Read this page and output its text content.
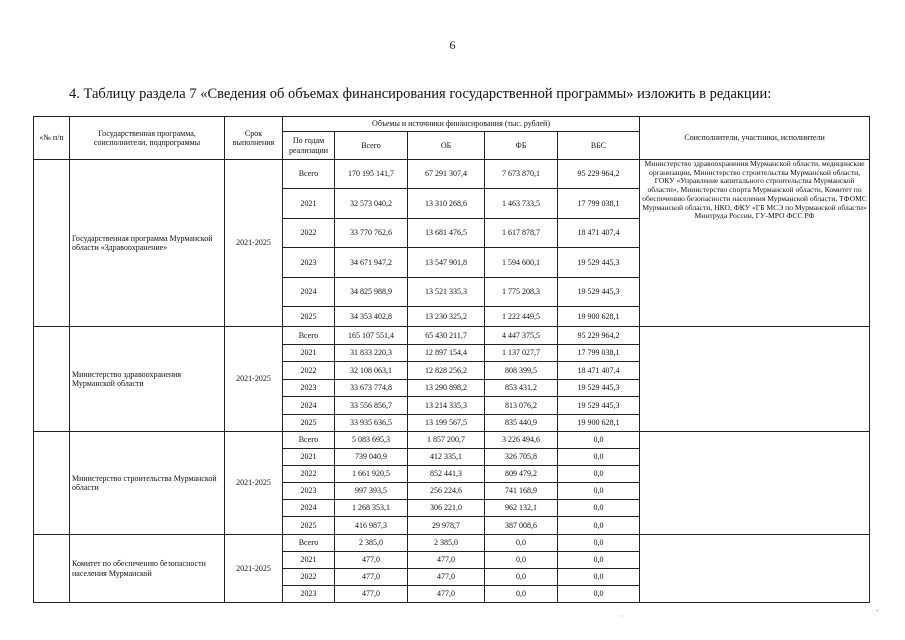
6
4. Таблицу раздела 7 «Сведения об объемах финансирования государственной программы» изложить в редакции:
«№ п/п	Государственная программа, соисполнители, подпрограммы	Срок выполнения	Объемы и источники финансирования (тыс. рублей)					Соисполнители, участники, исполнители
			По годам реализации	Всего	ОБ	ФБ	ВБС	
	Государственная программа Мурманской области «Здравоохранение»	2021-2025	Всего	170 195 141,7	67 291 307,4	7 673 870,1	95 229 964,2	Министерство здравоохранения Мурманской области, медицинские организации, Министерство строительства Мурманской области, ГОКУ «Управление капитального строительства Мурманской области», Министерство спорта Мурманской области, Комитет по обеспечению безопасности населения Мурманской области, ТФОМС Мурманской области, НКО, ФКУ «ГБ МСЭ по Мурманской области» Минтруда России, ГУ-МРО ФСС РФ
			2021	32 573 040,2	13 310 268,6	1 463 733,5	17 799 038,1	
			2022	33 770 762,6	13 681 476,5	1 617 878,7	18 471 407,4	
			2023	34 671 947,2	13 547 901,8	1 594 600,1	19 529 445,3	
			2024	34 825 988,9	13 521 335,3	1 775 208,3	19 529 445,3	
			2025	34 353 402,8	13 230 325,2	1 222 449,5	19 900 628,1	
	Министерство здравоохранения Мурманской области	2021-2025	Всего	165 107 551,4	65 430 211,7	4 447 375,5	95 229 964,2	
			2021	31 833 220,3	12 897 154,4	1 137 027,7	17 799 038,1	
			2022	32 108 063,1	12 828 256,2	808 399,5	18 471 407,4	
			2023	33 673 774,8	13 290 898,2	853 431,2	19 529 445,3	
			2024	33 556 856,7	13 214 335,3	813 076,2	19 529 445,3	
			2025	33 935 636,5	13 199 567,5	835 440,9	19 900 628,1	
	Министерство строительства Мурманской области	2021-2025	Всего	5 083 695,3	1 857 200,7	3 226 494,6	0,0	
			2021	739 040,9	412 335,1	326 705,8	0,0	
			2022	1 661 920,5	852 441,3	809 479,2	0,0	
			2023	997 393,5	256 224,6	741 168,9	0,0	
			2024	1 268 353,1	306 221,0	962 132,1	0,0	
			2025	416 987,3	29 978,7	387 008,6	0,0	
	Комитет по обеспечению безопасности населения Мурманской	2021-2025	Всего	2 385,0	2 385,0	0,0	0,0	
			2021	477,0	477,0	0,0	0,0	
			2022	477,0	477,0	0,0	0,0	
			2023	477,0	477,0	0,0	0,0	
·
-
